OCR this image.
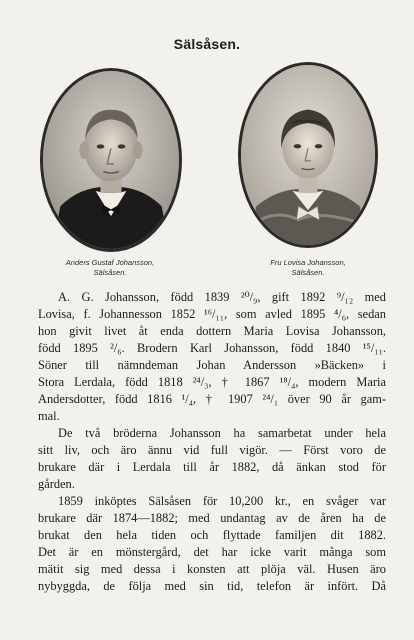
Sälsåsen.
Anders Gustaf Johansson,
Sälsåsen.
Fru Lovisa Johansson,
Sälsåsen.
A. G. Johansson, född 1839 ²⁰/₉, gift 1892 ⁹/₁₂ med
Lovisa, f. Johannesson 1852 ¹⁶/₁₁, som avled 1895 ⁴/₆, sedan
hon givit livet åt enda dottern Maria Lovisa Johansson,
född 1895 ²/₆. Brodern Karl Johansson, född 1840 ¹⁵/₁₁.
Söner till nämndeman Johan Andersson »Bäcken» i
Stora Lerdala, född 1818 ²⁴/₃, † 1867 ¹⁸/₄, modern Maria
Andersdotter, född 1816 ¹/₄, † 1907 ²⁴/₁ över 90 år gam-
mal.
De två bröderna Johansson ha samarbetat under hela
sitt liv, och äro ännu vid full vigör. — Först voro de
brukare där i Lerdala till år 1882, då änkan stod för
gården.
1859 inköptes Sälsåsen för 10,200 kr., en svåger var
brukare där 1874—1882; med undantag av de åren ha de
brukat den hela tiden och flyttade familjen dit 1882.
Det är en mönstergård, det har icke varit många som
mätit sig med dessa i konsten att plöja väl. Husen äro
nybyggda, de följa med sin tid, telefon är infört. Då
